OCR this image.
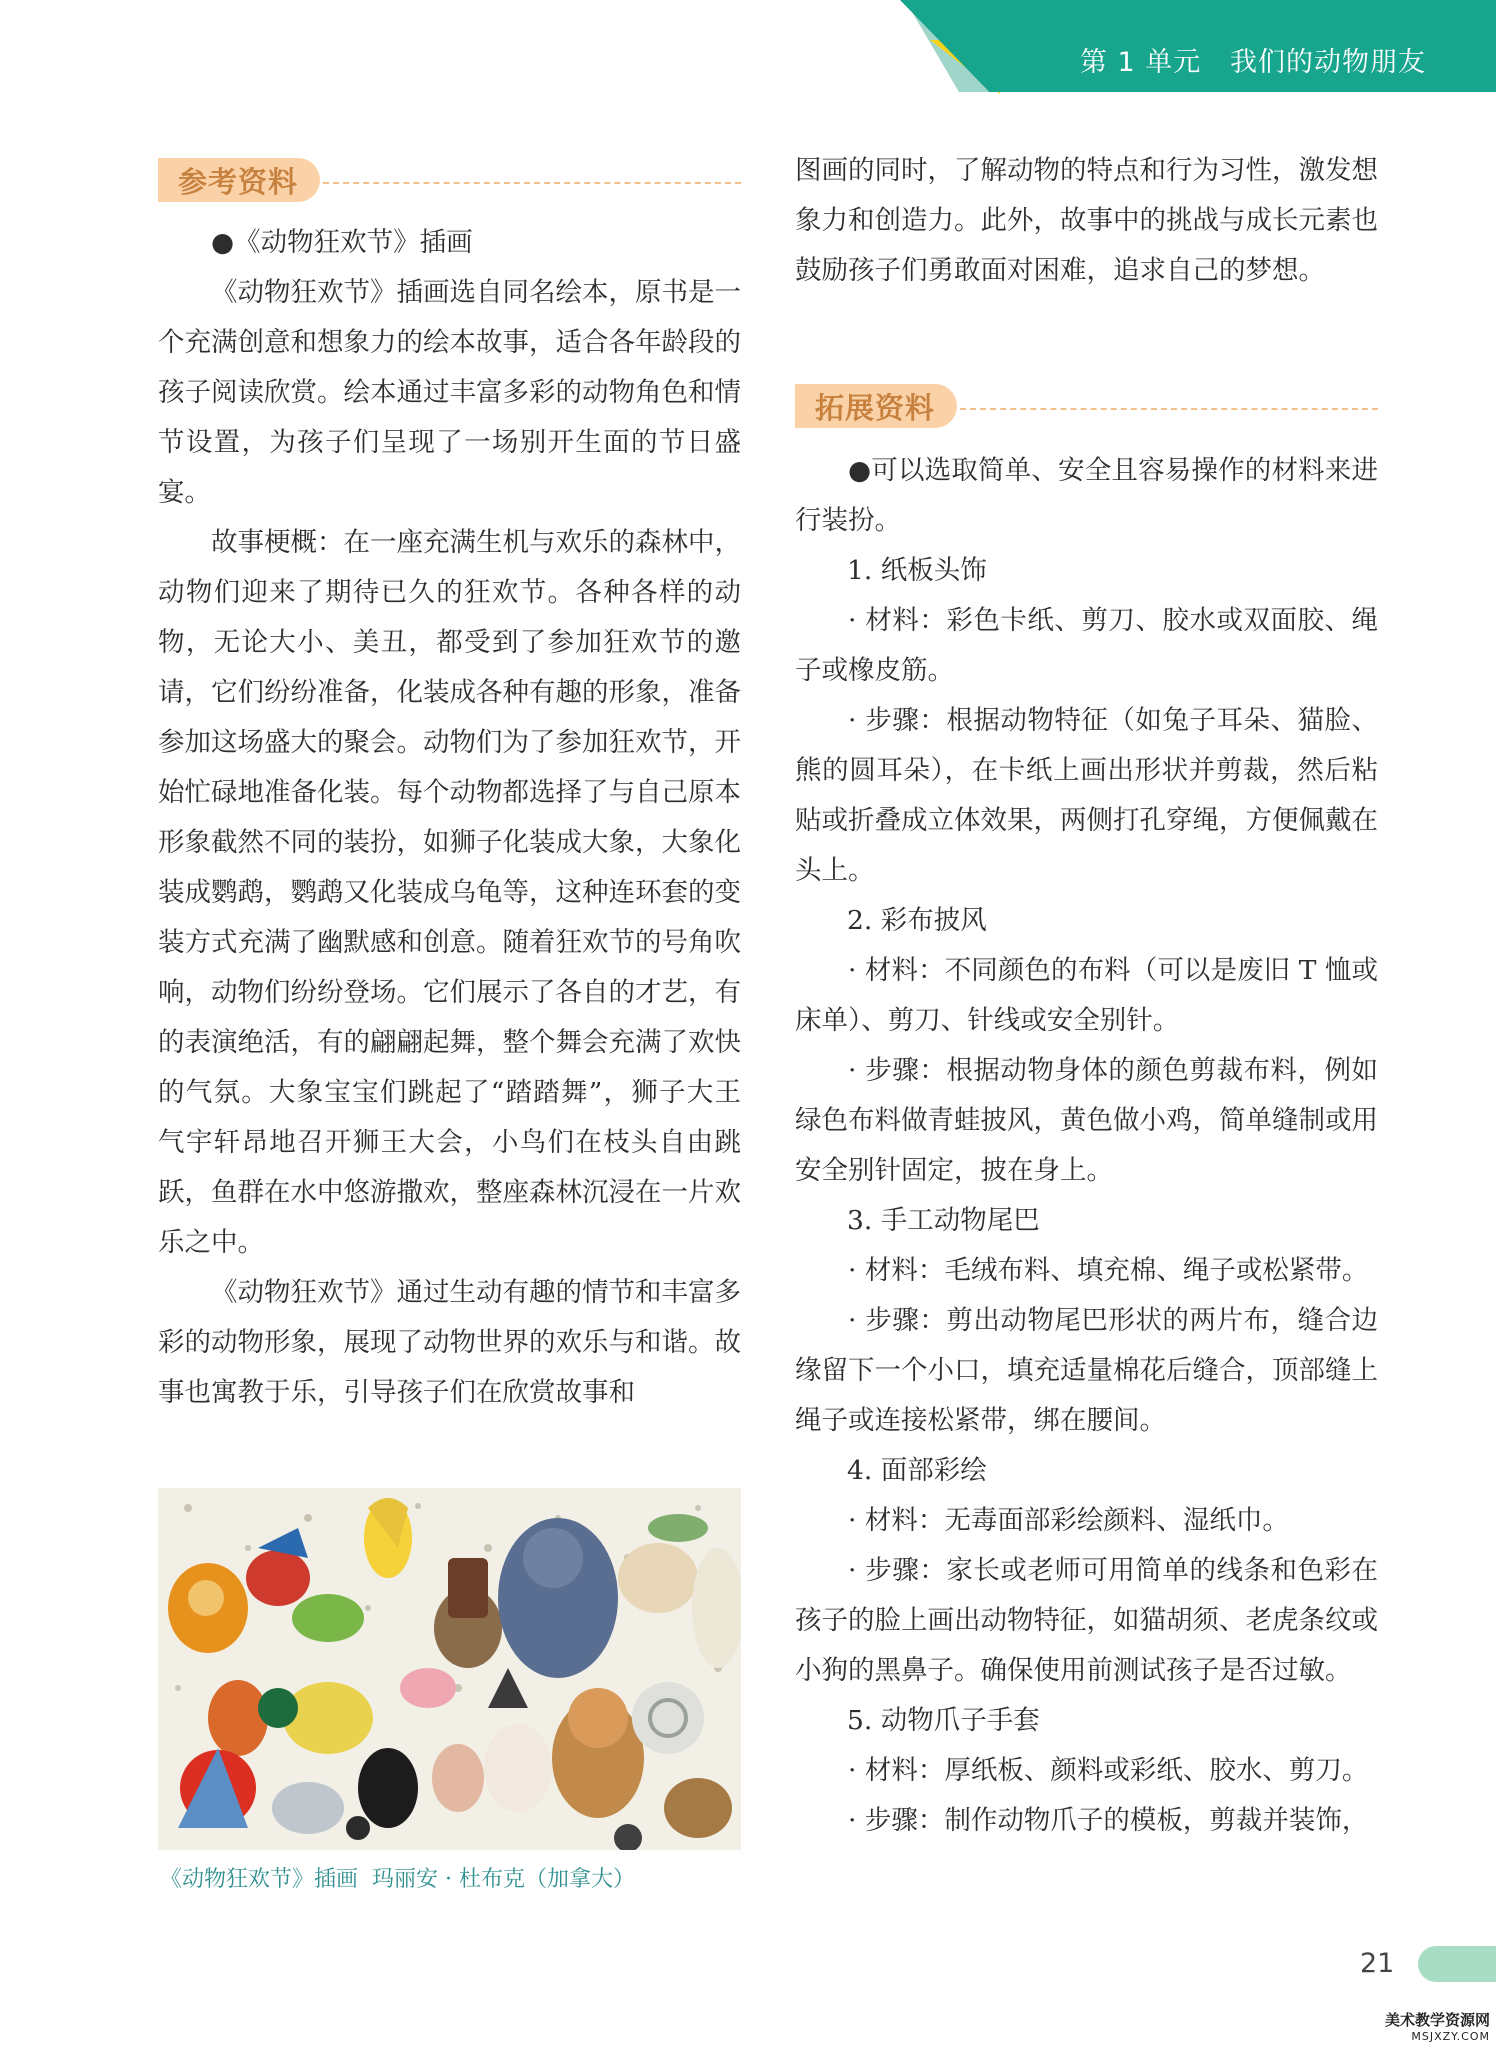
第 1 单元   我们的动物朋友
参考资料

●《动物狂欢节》插画

《动物狂欢节》插画选自同名绘本，原书是一个充满创意和想象力的绘本故事，适合各年龄段的孩子阅读欣赏。绘本通过丰富多彩的动物角色和情节设置，为孩子们呈现了一场别开生面的节日盛宴。

故事梗概：在一座充满生机与欢乐的森林中，动物们迎来了期待已久的狂欢节。各种各样的动物，无论大小、美丑，都受到了参加狂欢节的邀请，它们纷纷准备，化装成各种有趣的形象，准备参加这场盛大的聚会。动物们为了参加狂欢节，开始忙碌地准备化装。每个动物都选择了与自己原本形象截然不同的装扮，如狮子化装成大象，大象化装成鹦鹉，鹦鹉又化装成乌龟等，这种连环套的变装方式充满了幽默感和创意。随着狂欢节的号角吹响，动物们纷纷登场。它们展示了各自的才艺，有的表演绝活，有的翩翩起舞，整个舞会充满了欢快的气氛。大象宝宝们跳起了“踏踏舞”，狮子大王气宇轩昂地召开狮王大会，小鸟们在枝头自由跳跃，鱼群在水中悠游撒欢，整座森林沉浸在一片欢乐之中。

《动物狂欢节》通过生动有趣的情节和丰富多彩的动物形象，展现了动物世界的欢乐与和谐。故事也寓教于乐，引导孩子们在欣赏故事和

《动物狂欢节》插画  玛丽安 · 杜布克（加拿大）

图画的同时，了解动物的特点和行为习性，激发想象力和创造力。此外，故事中的挑战与成长元素也鼓励孩子们勇敢面对困难，追求自己的梦想。

拓展资料

●可以选取简单、安全且容易操作的材料来进行装扮。

1. 纸板头饰

· 材料：彩色卡纸、剪刀、胶水或双面胶、绳子或橡皮筋。

· 步骤：根据动物特征（如兔子耳朵、猫脸、熊的圆耳朵），在卡纸上画出形状并剪裁，然后粘贴或折叠成立体效果，两侧打孔穿绳，方便佩戴在头上。

2. 彩布披风

· 材料：不同颜色的布料（可以是废旧 T 恤或床单）、剪刀、针线或安全别针。

· 步骤：根据动物身体的颜色剪裁布料，例如绿色布料做青蛙披风，黄色做小鸡，简单缝制或用安全别针固定，披在身上。

3. 手工动物尾巴

· 材料：毛绒布料、填充棉、绳子或松紧带。

· 步骤：剪出动物尾巴形状的两片布，缝合边缘留下一个小口，填充适量棉花后缝合，顶部缝上绳子或连接松紧带，绑在腰间。

4. 面部彩绘

· 材料：无毒面部彩绘颜料、湿纸巾。

· 步骤：家长或老师可用简单的线条和色彩在孩子的脸上画出动物特征，如猫胡须、老虎条纹或小狗的黑鼻子。确保使用前测试孩子是否过敏。

5. 动物爪子手套

· 材料：厚纸板、颜料或彩纸、胶水、剪刀。

· 步骤：制作动物爪子的模板，剪裁并装饰，

21
美术教学资源网
MSJXZY.COM
